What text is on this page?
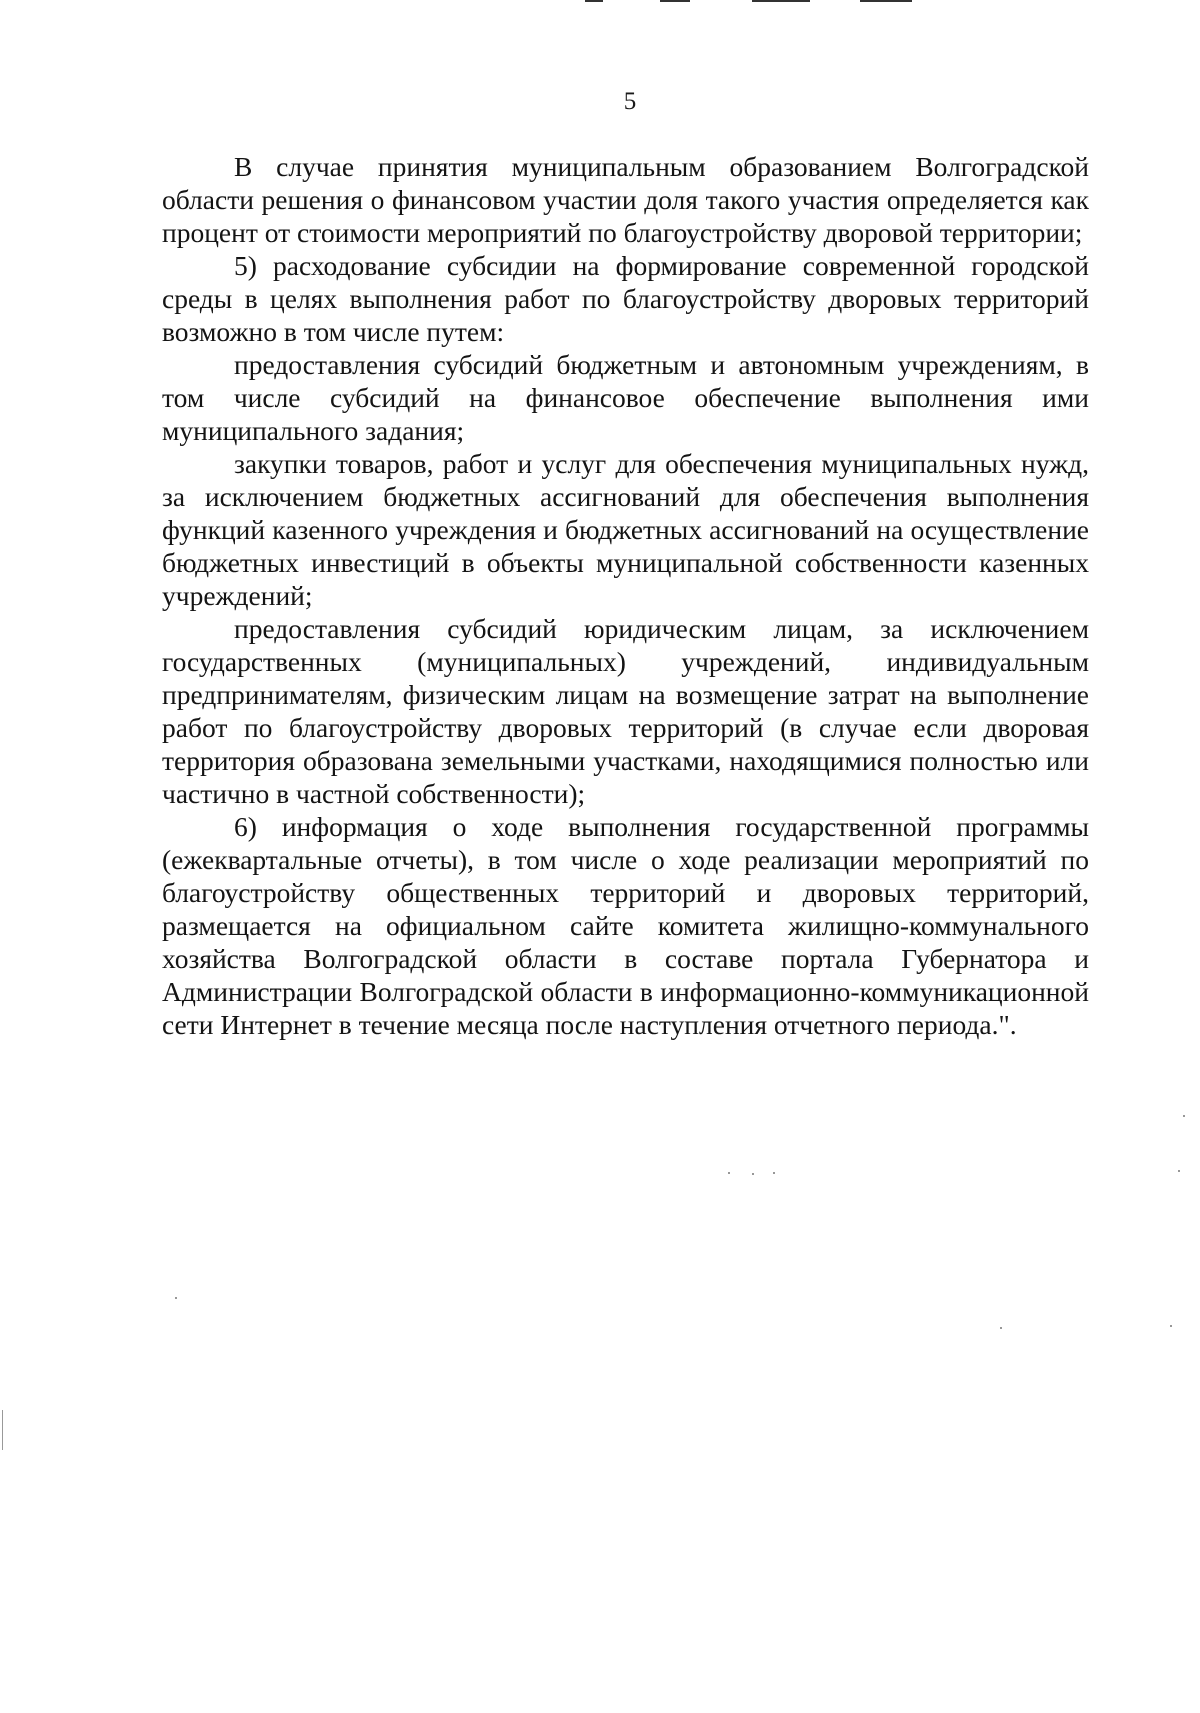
5

В случае принятия муниципальным образованием Волгоградской области решения о финансовом участии доля такого участия определяется как процент от стоимости мероприятий по благоустройству дворовой территории;

5) расходование субсидии на формирование современной городской среды в целях выполнения работ по благоустройству дворовых территорий возможно в том числе путем:

предоставления субсидий бюджетным и автономным учреждениям, в том числе субсидий на финансовое обеспечение выполнения ими муниципального задания;

закупки товаров, работ и услуг для обеспечения муниципальных нужд, за исключением бюджетных ассигнований для обеспечения выполнения функций казенного учреждения и бюджетных ассигнований на осуществление бюджетных инвестиций в объекты муниципальной собственности казенных учреждений;

предоставления субсидий юридическим лицам, за исключением государственных (муниципальных) учреждений, индивидуальным предпринимателям, физическим лицам на возмещение затрат на выполнение работ по благоустройству дворовых территорий (в случае если дворовая территория образована земельными участками, находящимися полностью или частично в частной собственности);

6) информация о ходе выполнения государственной программы (ежеквартальные отчеты), в том числе о ходе реализации мероприятий по благоустройству общественных территорий и дворовых территорий, размещается на официальном сайте комитета жилищно-коммунального хозяйства Волгоградской области в составе портала Губернатора и Администрации Волгоградской области в информационно-коммуникационной сети Интернет в течение месяца после наступления отчетного периода.".
